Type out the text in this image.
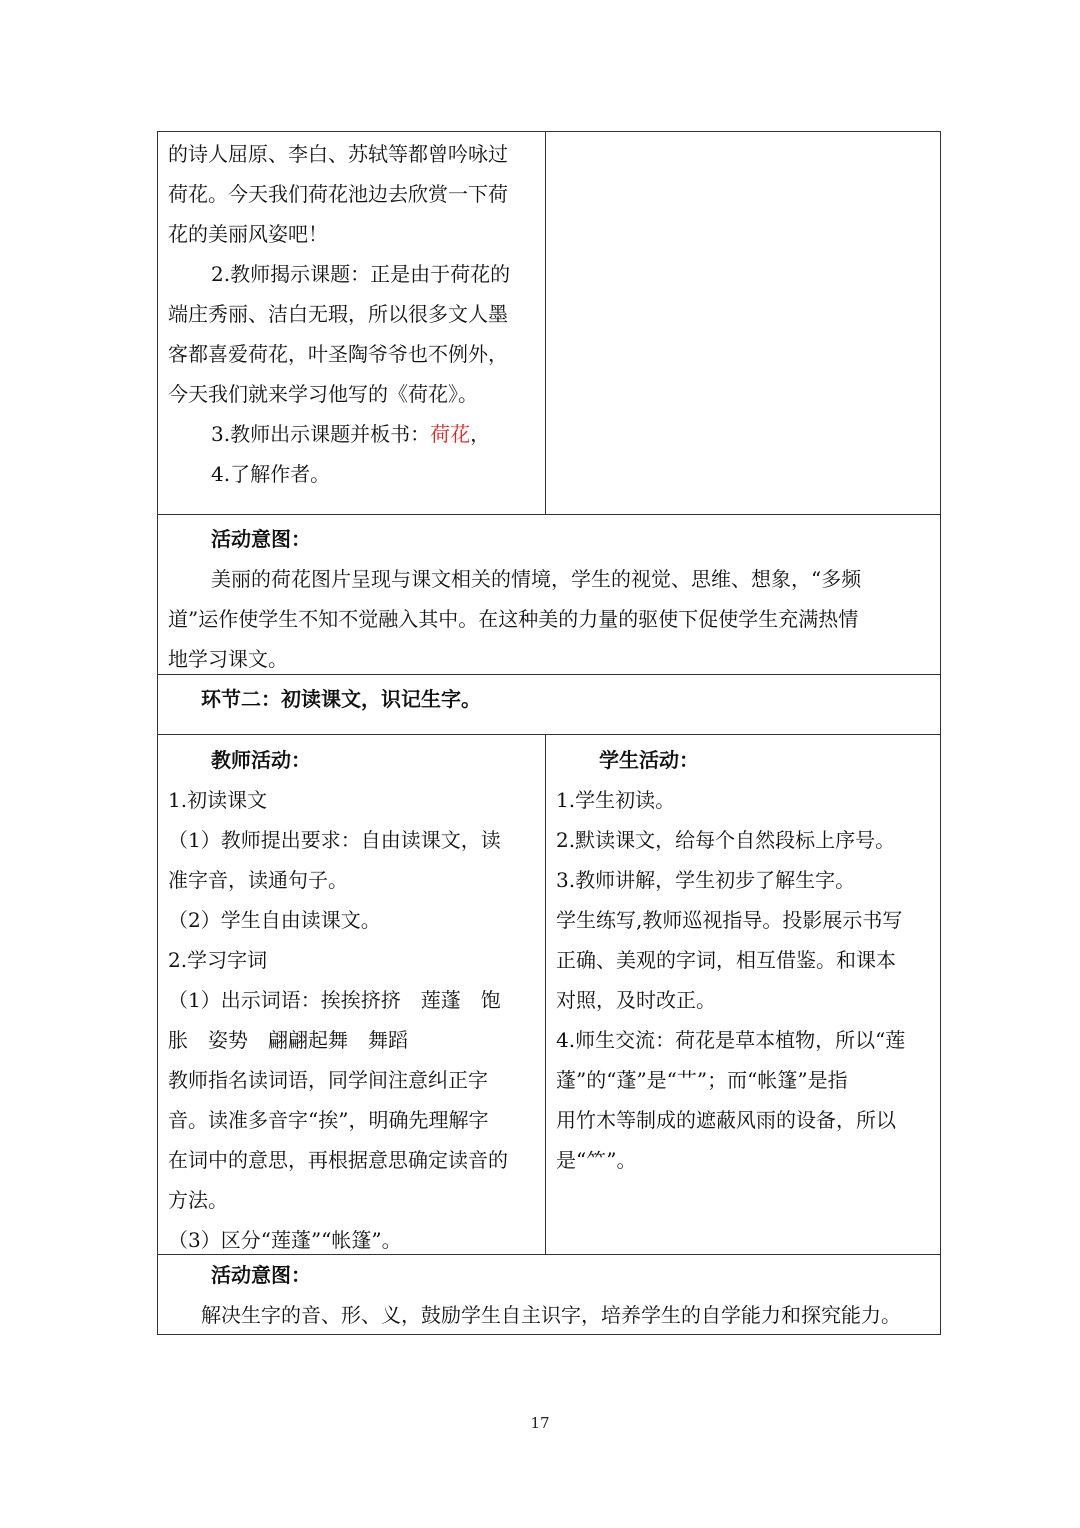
的诗人屈原、李白、苏轼等都曾吟咏过
荷花。今天我们荷花池边去欣赏一下荷
花的美丽风姿吧！
2.教师揭示课题：正是由于荷花的
端庄秀丽、洁白无瑕，所以很多文人墨
客都喜爱荷花，叶圣陶爷爷也不例外，
今天我们就来学习他写的《荷花》。
3.教师出示课题并板书：荷花，
4.了解作者。
活动意图：
美丽的荷花图片呈现与课文相关的情境，学生的视觉、思维、想象，“多频
道”运作使学生不知不觉融入其中。在这种美的力量的驱使下促使学生充满热情
地学习课文。
环节二：初读课文，识记生字。
教师活动：
1.初读课文
（1）教师提出要求：自由读课文，读
准字音，读通句子。
（2）学生自由读课文。
2.学习字词
（1）出示词语：挨挨挤挤　莲蓬　饱
胀　姿势　翩翩起舞　舞蹈
教师指名读词语，同学间注意纠正字
音。读准多音字“挨”，明确先理解字
在词中的意思，再根据意思确定读音的
方法。
（3）区分“莲蓬”“帐篷”。
学生活动：
1.学生初读。
2.默读课文，给每个自然段标上序号。
3.教师讲解，学生初步了解生字。
学生练写,教师巡视指导。投影展示书写
正确、美观的字词，相互借鉴。和课本
对照，及时改正。
4.师生交流：荷花是草本植物，所以“莲
蓬”的“蓬”是“艹”；而“帐篷”是指
用竹木等制成的遮蔽风雨的设备，所以
是“⺮”。
活动意图：
解决生字的音、形、义，鼓励学生自主识字，培养学生的自学能力和探究能力。
17
